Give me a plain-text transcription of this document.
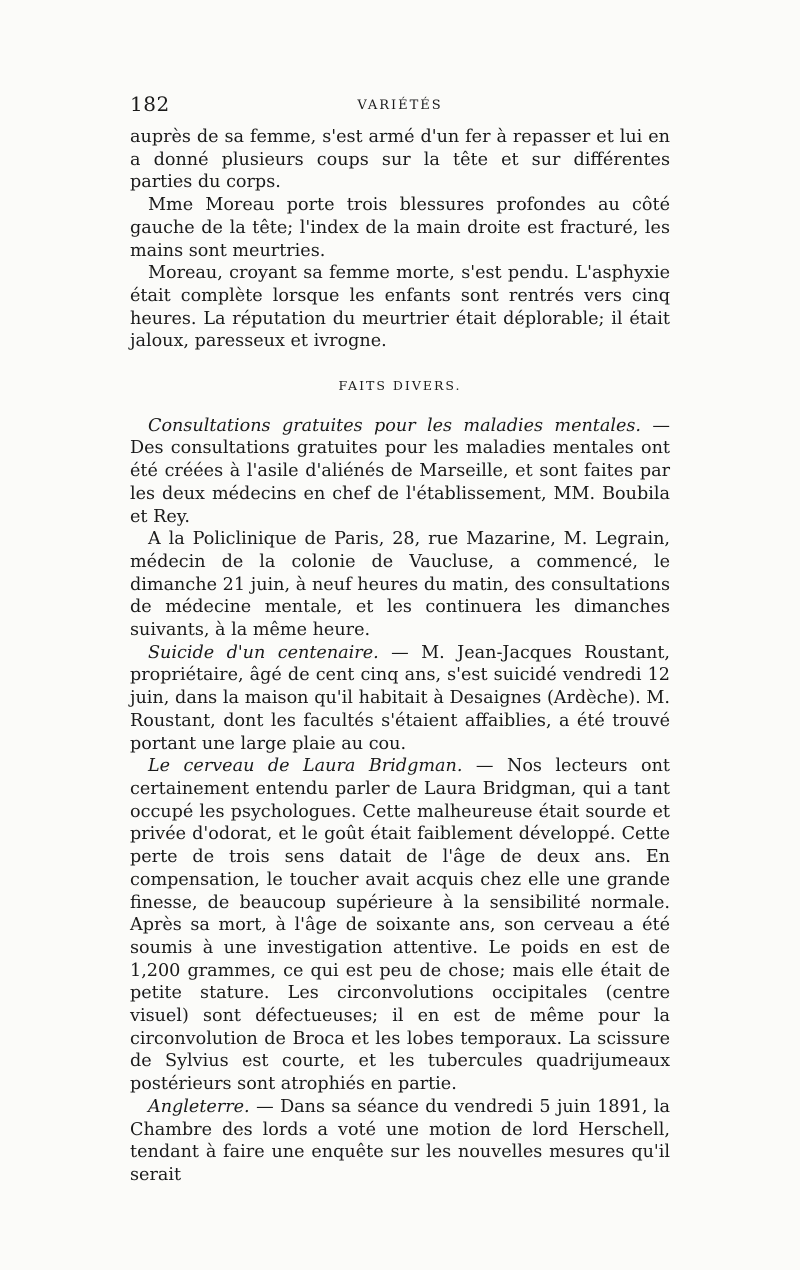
182	VARIÉTÉS

auprès de sa femme, s'est armé d'un fer à repasser et lui en a donné plusieurs coups sur la tête et sur différentes parties du corps.

Mme Moreau porte trois blessures profondes au côté gauche de la tête; l'index de la main droite est fracturé, les mains sont meurtries.

Moreau, croyant sa femme morte, s'est pendu. L'asphyxie était complète lorsque les enfants sont rentrés vers cinq heures. La réputation du meurtrier était déplorable; il était jaloux, paresseux et ivrogne.

FAITS DIVERS.

Consultations gratuites pour les maladies mentales. — Des consultations gratuites pour les maladies mentales ont été créées à l'asile d'aliénés de Marseille, et sont faites par les deux médecins en chef de l'établissement, MM. Boubila et Rey.

A la Policlinique de Paris, 28, rue Mazarine, M. Legrain, médecin de la colonie de Vaucluse, a commencé, le dimanche 21 juin, à neuf heures du matin, des consultations de médecine mentale, et les continuera les dimanches suivants, à la même heure.

Suicide d'un centenaire. — M. Jean-Jacques Roustant, propriétaire, âgé de cent cinq ans, s'est suicidé vendredi 12 juin, dans la maison qu'il habitait à Desaignes (Ardèche). M. Roustant, dont les facultés s'étaient affaiblies, a été trouvé portant une large plaie au cou.

Le cerveau de Laura Bridgman. — Nos lecteurs ont certainement entendu parler de Laura Bridgman, qui a tant occupé les psychologues. Cette malheureuse était sourde et privée d'odorat, et le goût était faiblement développé. Cette perte de trois sens datait de l'âge de deux ans. En compensation, le toucher avait acquis chez elle une grande finesse, de beaucoup supérieure à la sensibilité normale. Après sa mort, à l'âge de soixante ans, son cerveau a été soumis à une investigation attentive. Le poids en est de 1,200 grammes, ce qui est peu de chose; mais elle était de petite stature. Les circonvolutions occipitales (centre visuel) sont défectueuses; il en est de même pour la circonvolution de Broca et les lobes temporaux. La scissure de Sylvius est courte, et les tubercules quadrijumeaux postérieurs sont atrophiés en partie.

Angleterre. — Dans sa séance du vendredi 5 juin 1891, la Chambre des lords a voté une motion de lord Herschell, tendant à faire une enquête sur les nouvelles mesures qu'il serait
